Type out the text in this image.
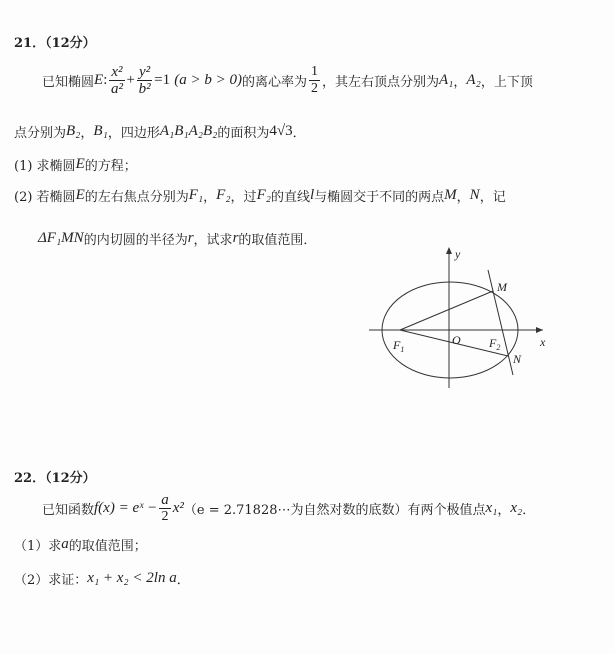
21．（12分）
已知椭圆 E : $\frac{\text{x²}}{\text{a²}} + \frac{\text{y²}}{\text{b²}} =1$
(a > b > 0) 的离心率为 $\frac{1}{2}$ ，其左右顶点分别为 A₁ ， A₂ ，上下顶
点分别为 B₂ ， B₁ ，四边形 A₁B₁A₂B₂ 的面积为 4√3 ．
(1) 求椭圆 E 的方程；
(2) 若椭圆 E 的左右焦点分别为 F₁ ， F₂ ，过 F₂ 的直线 l 与椭圆交于不同的两点 M ， N ，记
ΔF₁MN 的内切圆的半径为 r ，试求 r 的取值范围．
y
x
O
M
N
$F_1$	$F_2$
22．（12分）
已知函数 f(x) = eˣ − $\frac{a}{2} x^2$ （e = 2.71828⋯为自然对数的底数）有两个极值点 x₁ ， x₂ ．
（1）求 a 的取值范围；
（2）求证： x₁ + x₂ < 2ln a ．
